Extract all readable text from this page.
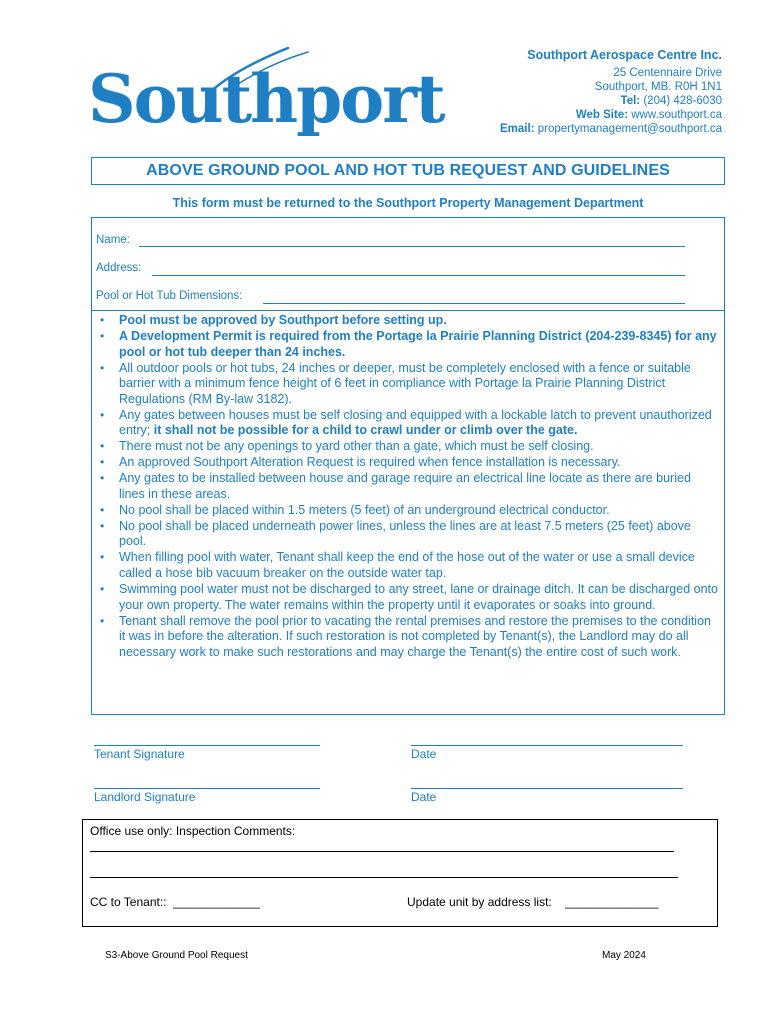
Southport
Southport Aerospace Centre Inc.
25 Centennaire Drive
Southport, MB. R0H 1N1
Tel: (204) 428-6030
Web Site: www.southport.ca
Email: propertymanagement@southport.ca
ABOVE GROUND POOL AND HOT TUB REQUEST AND GUIDELINES
This form must be returned to the Southport Property Management Department
Name:
Address:
Pool or Hot Tub Dimensions:
• Pool must be approved by Southport before setting up.
• A Development Permit is required from the Portage la Prairie Planning District (204-239-8345) for any pool or hot tub deeper than 24 inches.
• All outdoor pools or hot tubs, 24 inches or deeper, must be completely enclosed with a fence or suitable barrier with a minimum fence height of 6 feet in compliance with Portage la Prairie Planning District Regulations (RM By-law 3182).
• Any gates between houses must be self closing and equipped with a lockable latch to prevent unauthorized entry; it shall not be possible for a child to crawl under or climb over the gate.
• There must not be any openings to yard other than a gate, which must be self closing.
• An approved Southport Alteration Request is required when fence installation is necessary.
• Any gates to be installed between house and garage require an electrical line locate as there are buried lines in these areas.
• No pool shall be placed within 1.5 meters (5 feet) of an underground electrical conductor.
• No pool shall be placed underneath power lines, unless the lines are at least 7.5 meters (25 feet) above pool.
• When filling pool with water, Tenant shall keep the end of the hose out of the water or use a small device called a hose bib vacuum breaker on the outside water tap.
• Swimming pool water must not be discharged to any street, lane or drainage ditch. It can be discharged onto your own property. The water remains within the property until it evaporates or soaks into ground.
• Tenant shall remove the pool prior to vacating the rental premises and restore the premises to the condition it was in before the alteration. If such restoration is not completed by Tenant(s), the Landlord may do all necessary work to make such restorations and may charge the Tenant(s) the entire cost of such work.
Tenant Signature	Date
Landlord Signature	Date
Office use only: Inspection Comments:
CC to Tenant:: _____________	Update unit by address list: ______________
S3-Above Ground Pool Request	May 2024
